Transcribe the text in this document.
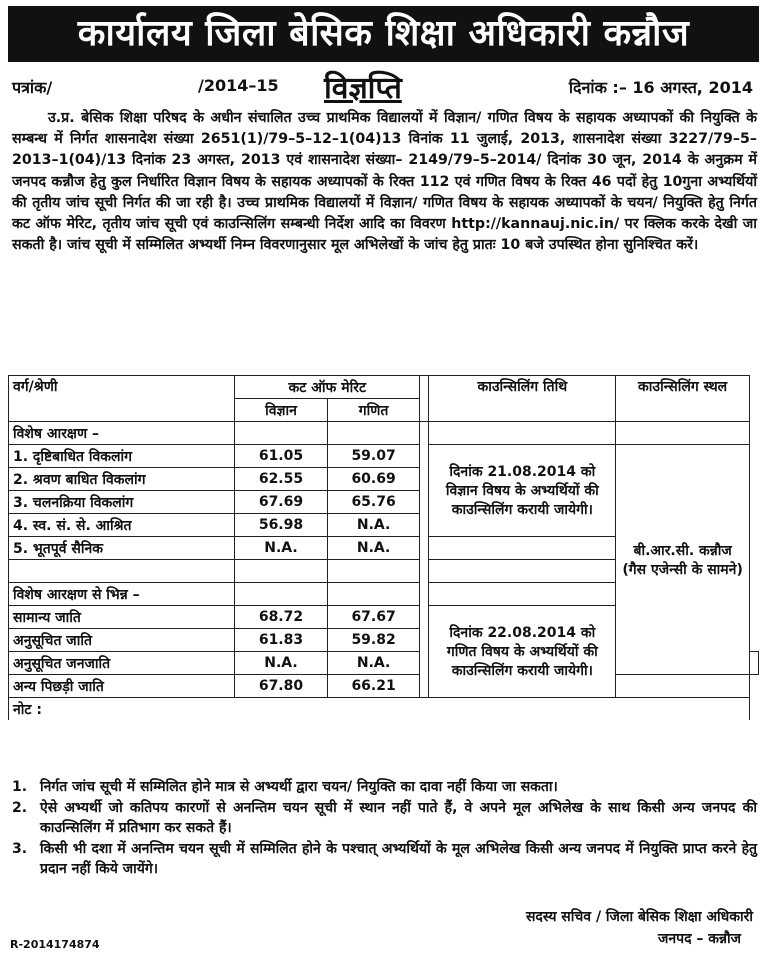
कार्यालय जिला बेसिक शिक्षा अधिकारी कन्नौज
पत्रांक/	/2014–15 विज्ञप्ति	दिनांक :– 16 अगस्त, 2014

उ.प्र. बेसिक शिक्षा परिषद के अधीन संचालित उच्च प्राथमिक विद्यालयों में विज्ञान/ गणित विषय के सहायक अध्यापकों की नियुक्ति के सम्बन्ध में निर्गत शासनादेश संख्या 2651(1)/79–5–12–1(04)13 विनांक 11 जुलाई, 2013, शासनादेश संख्या 3227/79–5–2013–1(04)/13 दिनांक 23 अगस्त, 2013 एवं शासनादेश संख्या– 2149/79–5–2014/ दिनांक 30 जून, 2014 के अनुक्रम में जनपद कन्नौज हेतु कुल निर्धारित विज्ञान विषय के सहायक अध्यापकों के रिक्त 112 एवं गणित विषय के रिक्त 46 पदों हेतु 10गुना अभ्यर्थियों की तृतीय जांच सूची निर्गत की जा रही है। उच्च प्राथमिक विद्यालयों में विज्ञान/ गणित विषय के सहायक अध्यापकों के चयन/ नियुक्ति हेतु निर्गत कट ऑफ मेरिट, तृतीय जांच सूची एवं काउन्सिलिंग सम्बन्धी निर्देश आदि का विवरण http://kannauj.nic.in/ पर क्लिक करके देखी जा सकती है। जांच सूची में सम्मिलित अभ्यर्थी निम्न विवरणानुसार मूल अभिलेखों के जांच हेतु प्रातः 10 बजे उपस्थित होना सुनिश्चित करें।

वर्ग/श्रेणी	कट ऑफ मेरिट			काउन्सिलिंग तिथि	काउन्सिलिंग स्थल	
	विज्ञान	गणित				
विशेष आरक्षण –						
1. दृष्टिबाधित विकलांग	61.05	59.07		दिनांक 21.08.2014 को विज्ञान विषय के अभ्यर्थियों की काउन्सिलिंग करायी जायेगी।	बी.आर.सी. कन्नौज (गैस एजेन्सी के सामने)	
2. श्रवण बाधित विकलांग	62.55	60.69				
3. चलनक्रिया विकलांग	67.69	65.76				
4. स्व. सं. से. आश्रित	56.98	N.A.				
5. भूतपूर्व सैनिक	N.A.	N.A.				

विशेष आरक्षण से भिन्न –						
सामान्य जाति	68.72	67.67		दिनांक 22.08.2014 को गणित विषय के अभ्यर्थियों की काउन्सिलिंग करायी जायेगी।		
अनुसूचित जाति	61.83	59.82				
अनुसूचित जनजाति	N.A.	N.A.				
अन्य पिछड़ी जाति	67.80	66.21				
नोट :						
1. निर्गत जांच सूची में सम्मिलित होने मात्र से अभ्यर्थी द्वारा चयन/ नियुक्ति का दावा नहीं किया जा सकता।
2. ऐसे अभ्यर्थी जो कतिपय कारणों से अनन्तिम चयन सूची में स्थान नहीं पाते हैं, वे अपने मूल अभिलेख के साथ किसी अन्य जनपद की काउन्सिलिंग में प्रतिभाग कर सकते हैं।
3. किसी भी दशा में अनन्तिम चयन सूची में सम्मिलित होने के पश्चात् अभ्यर्थियों के मूल अभिलेख किसी अन्य जनपद में नियुक्ति प्राप्त करने हेतु प्रदान नहीं किये जायेंगे।
सदस्य सचिव / जिला बेसिक शिक्षा अधिकारी
जनपद – कन्नौज
R-2014174874
